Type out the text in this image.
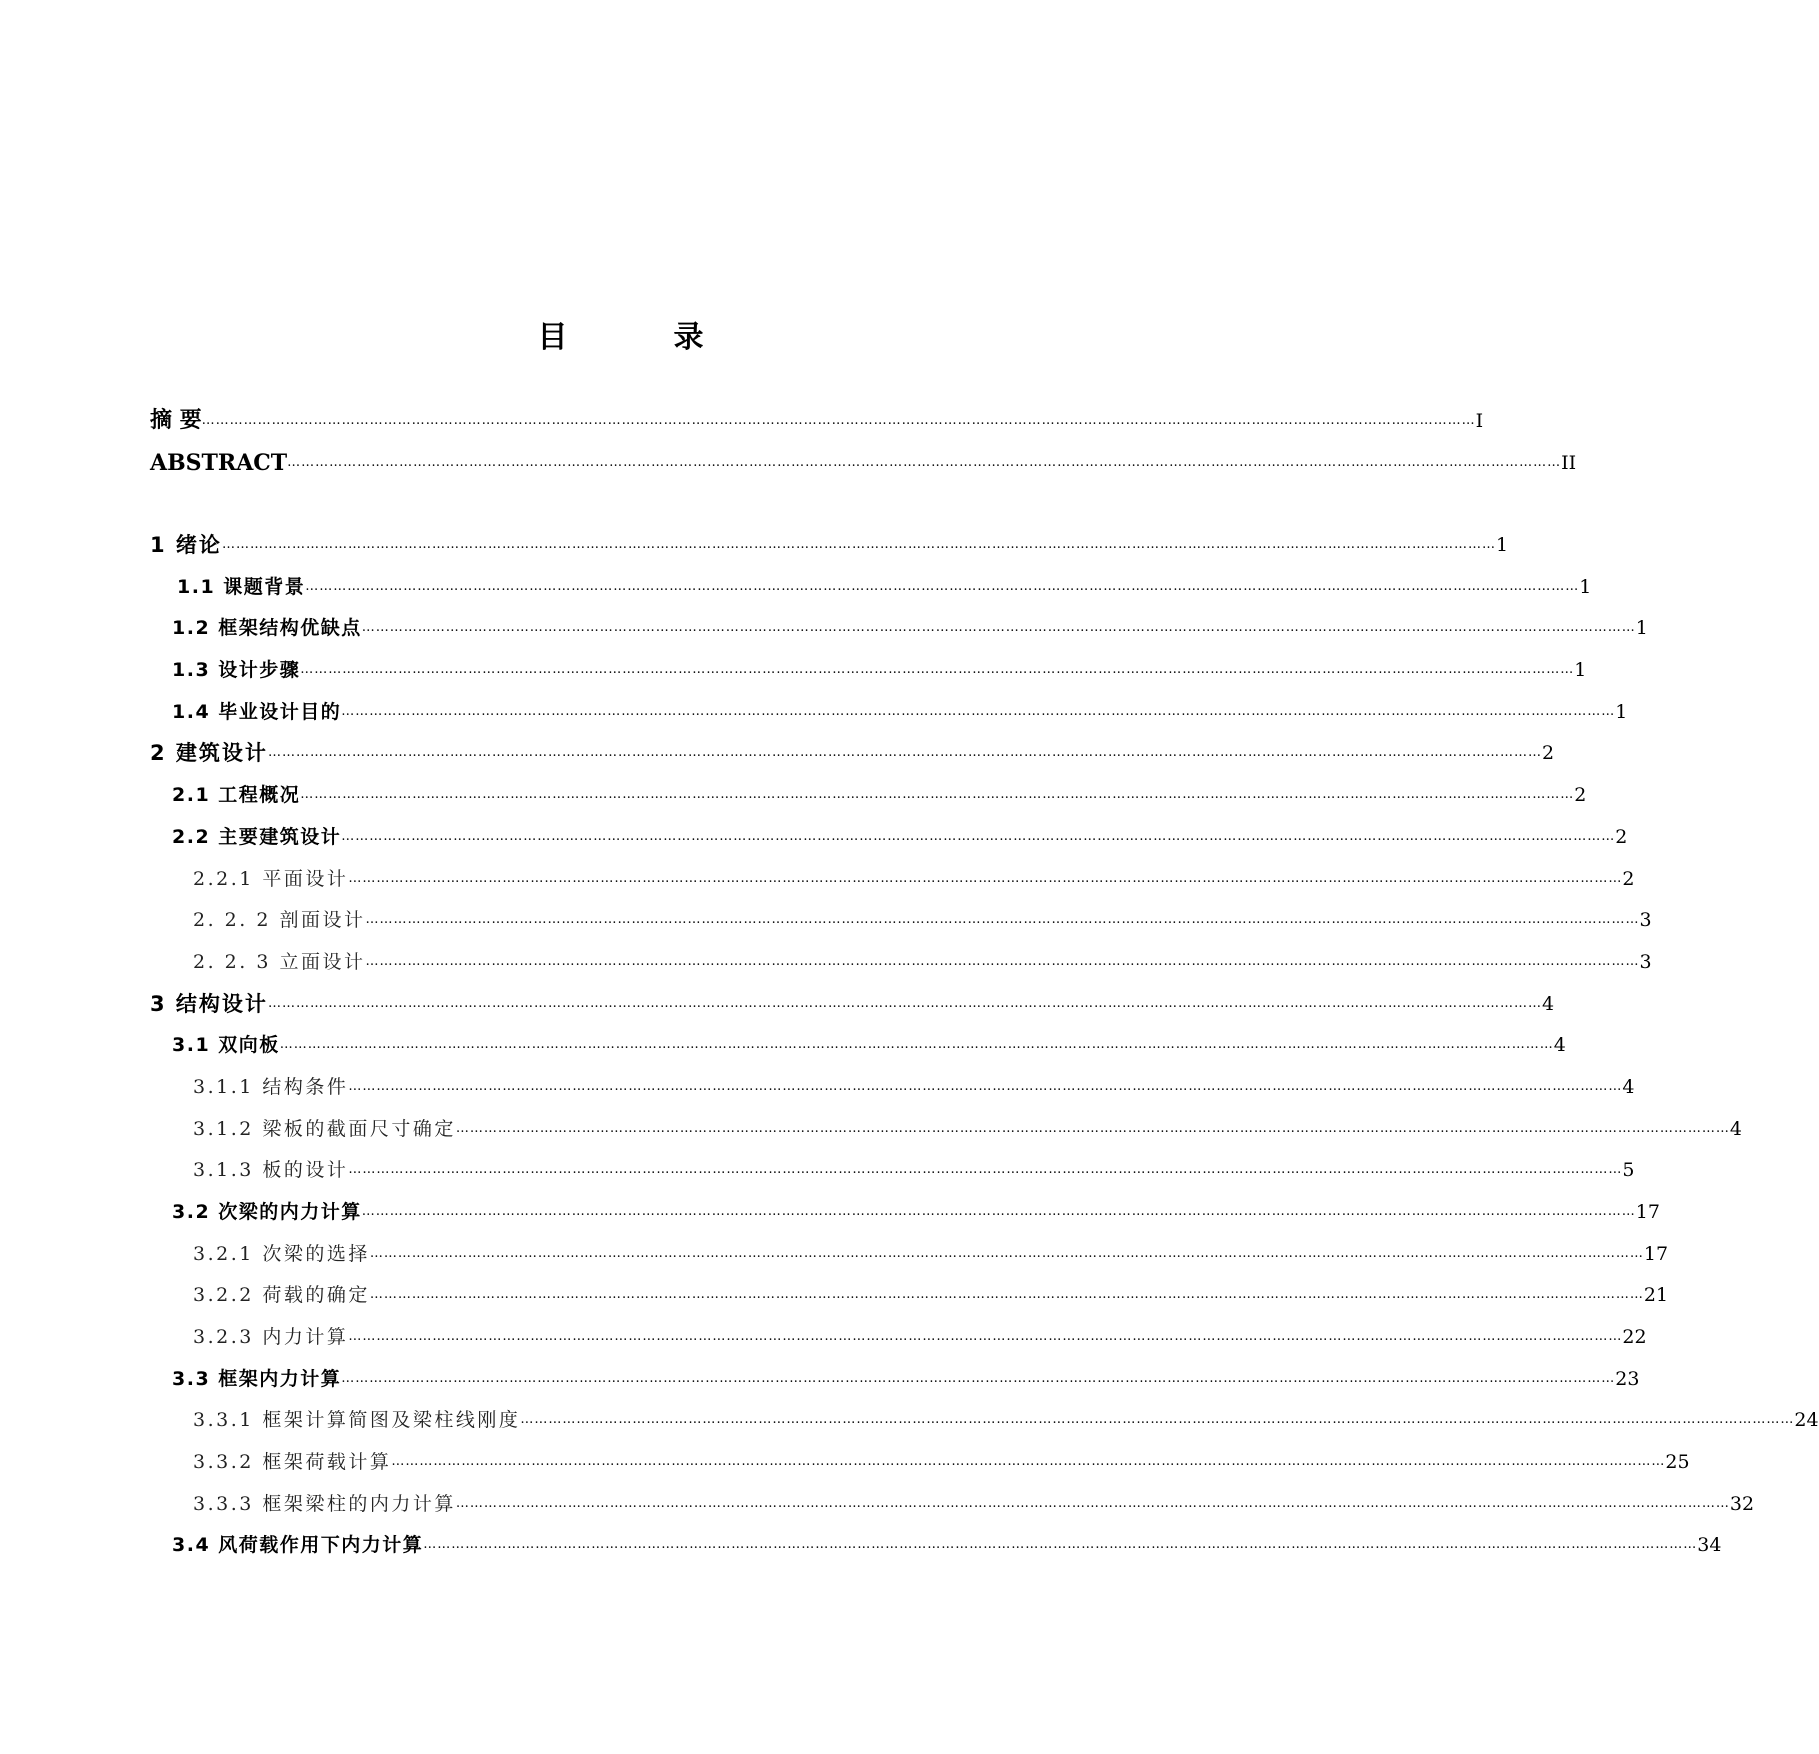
目　录
摘 要 ………………………………………………………………………………………………………………………………………………………………………………………………………………………………………………… I
ABSTRACT ………………………………………………………………………………………………………………………………………………………………………………………………………………………………………………… II
1 绪论 ………………………………………………………………………………………………………………………………………………………………………………………………………………………………………………… 1
1.1 课题背景 ………………………………………………………………………………………………………………………………………………………………………………………………………………………………………………… 1
1.2 框架结构优缺点 ………………………………………………………………………………………………………………………………………………………………………………………………………………………………………………… 1
1.3 设计步骤 ………………………………………………………………………………………………………………………………………………………………………………………………………………………………………………… 1
1.4 毕业设计目的 ………………………………………………………………………………………………………………………………………………………………………………………………………………………………………………… 1
2 建筑设计 ………………………………………………………………………………………………………………………………………………………………………………………………………………………………………………… 2
2.1 工程概况 ………………………………………………………………………………………………………………………………………………………………………………………………………………………………………………… 2
2.2 主要建筑设计 ………………………………………………………………………………………………………………………………………………………………………………………………………………………………………………… 2
2.2.1 平面设计 ………………………………………………………………………………………………………………………………………………………………………………………………………………………………………………… 2
2. 2. 2 剖面设计 ………………………………………………………………………………………………………………………………………………………………………………………………………………………………………………… 3
2. 2. 3 立面设计 ………………………………………………………………………………………………………………………………………………………………………………………………………………………………………………… 3
3 结构设计 ………………………………………………………………………………………………………………………………………………………………………………………………………………………………………………… 4
3.1 双向板 ………………………………………………………………………………………………………………………………………………………………………………………………………………………………………………… 4
3.1.1 结构条件 ………………………………………………………………………………………………………………………………………………………………………………………………………………………………………………… 4
3.1.2 梁板的截面尺寸确定 ………………………………………………………………………………………………………………………………………………………………………………………………………………………………………………… 4
3.1.3 板的设计 ………………………………………………………………………………………………………………………………………………………………………………………………………………………………………………… 5
3.2 次梁的内力计算 ………………………………………………………………………………………………………………………………………………………………………………………………………………………………………………… 17
3.2.1 次梁的选择 ………………………………………………………………………………………………………………………………………………………………………………………………………………………………………………… 17
3.2.2 荷载的确定 ………………………………………………………………………………………………………………………………………………………………………………………………………………………………………………… 21
3.2.3 内力计算 ………………………………………………………………………………………………………………………………………………………………………………………………………………………………………………… 22
3.3 框架内力计算 ………………………………………………………………………………………………………………………………………………………………………………………………………………………………………………… 23
3.3.1 框架计算简图及梁柱线刚度 ………………………………………………………………………………………………………………………………………………………………………………………………………………………………………………… 24
3.3.2 框架荷载计算 ………………………………………………………………………………………………………………………………………………………………………………………………………………………………………………… 25
3.3.3 框架梁柱的内力计算 ………………………………………………………………………………………………………………………………………………………………………………………………………………………………………………… 32
3.4 风荷载作用下内力计算 ………………………………………………………………………………………………………………………………………………………………………………………………………………………………………………… 34
